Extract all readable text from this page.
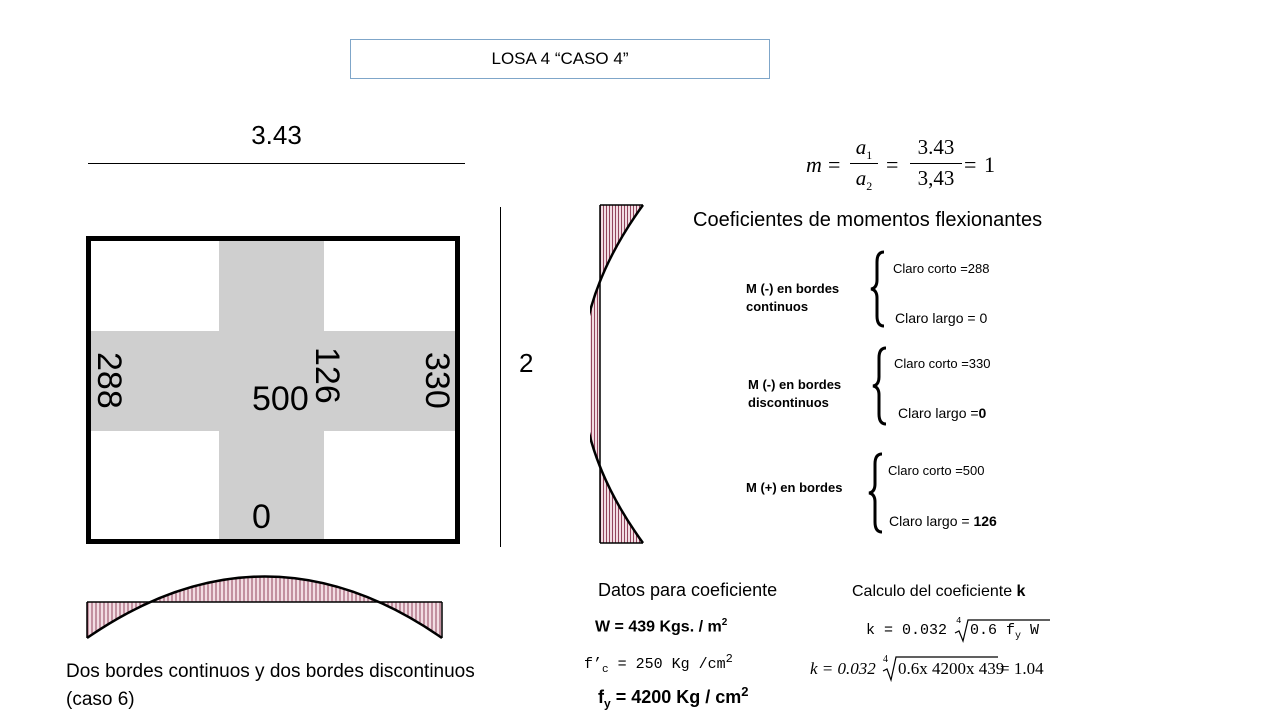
LOSA 4 “CASO 4”
3.43
288	500 126 330
0
2
m =
$a_1$
$a_2$
=
3.43
3,43
= 1
Coeficientes de momentos flexionantes
M (-) en bordes
continuos
Claro corto =288
Claro largo = 0
M (-) en bordes
discontinuos
Claro corto =330
Claro largo =0
M (+) en bordes
Claro corto =500
Claro largo = 126
Datos para coeficiente
W = 439 Kgs. / $m^2$
$f’_c = 250$ Kg $/cm^2$
$f_y = 4200$ Kg / $cm^2$
Calculo del coeficiente k
k = 0.032
4
0.6 $f_y$ W
k = 0.032 4 0.6x 4200x 439
= 1.04
Dos bordes continuos y dos bordes discontinuos
(caso 6)
